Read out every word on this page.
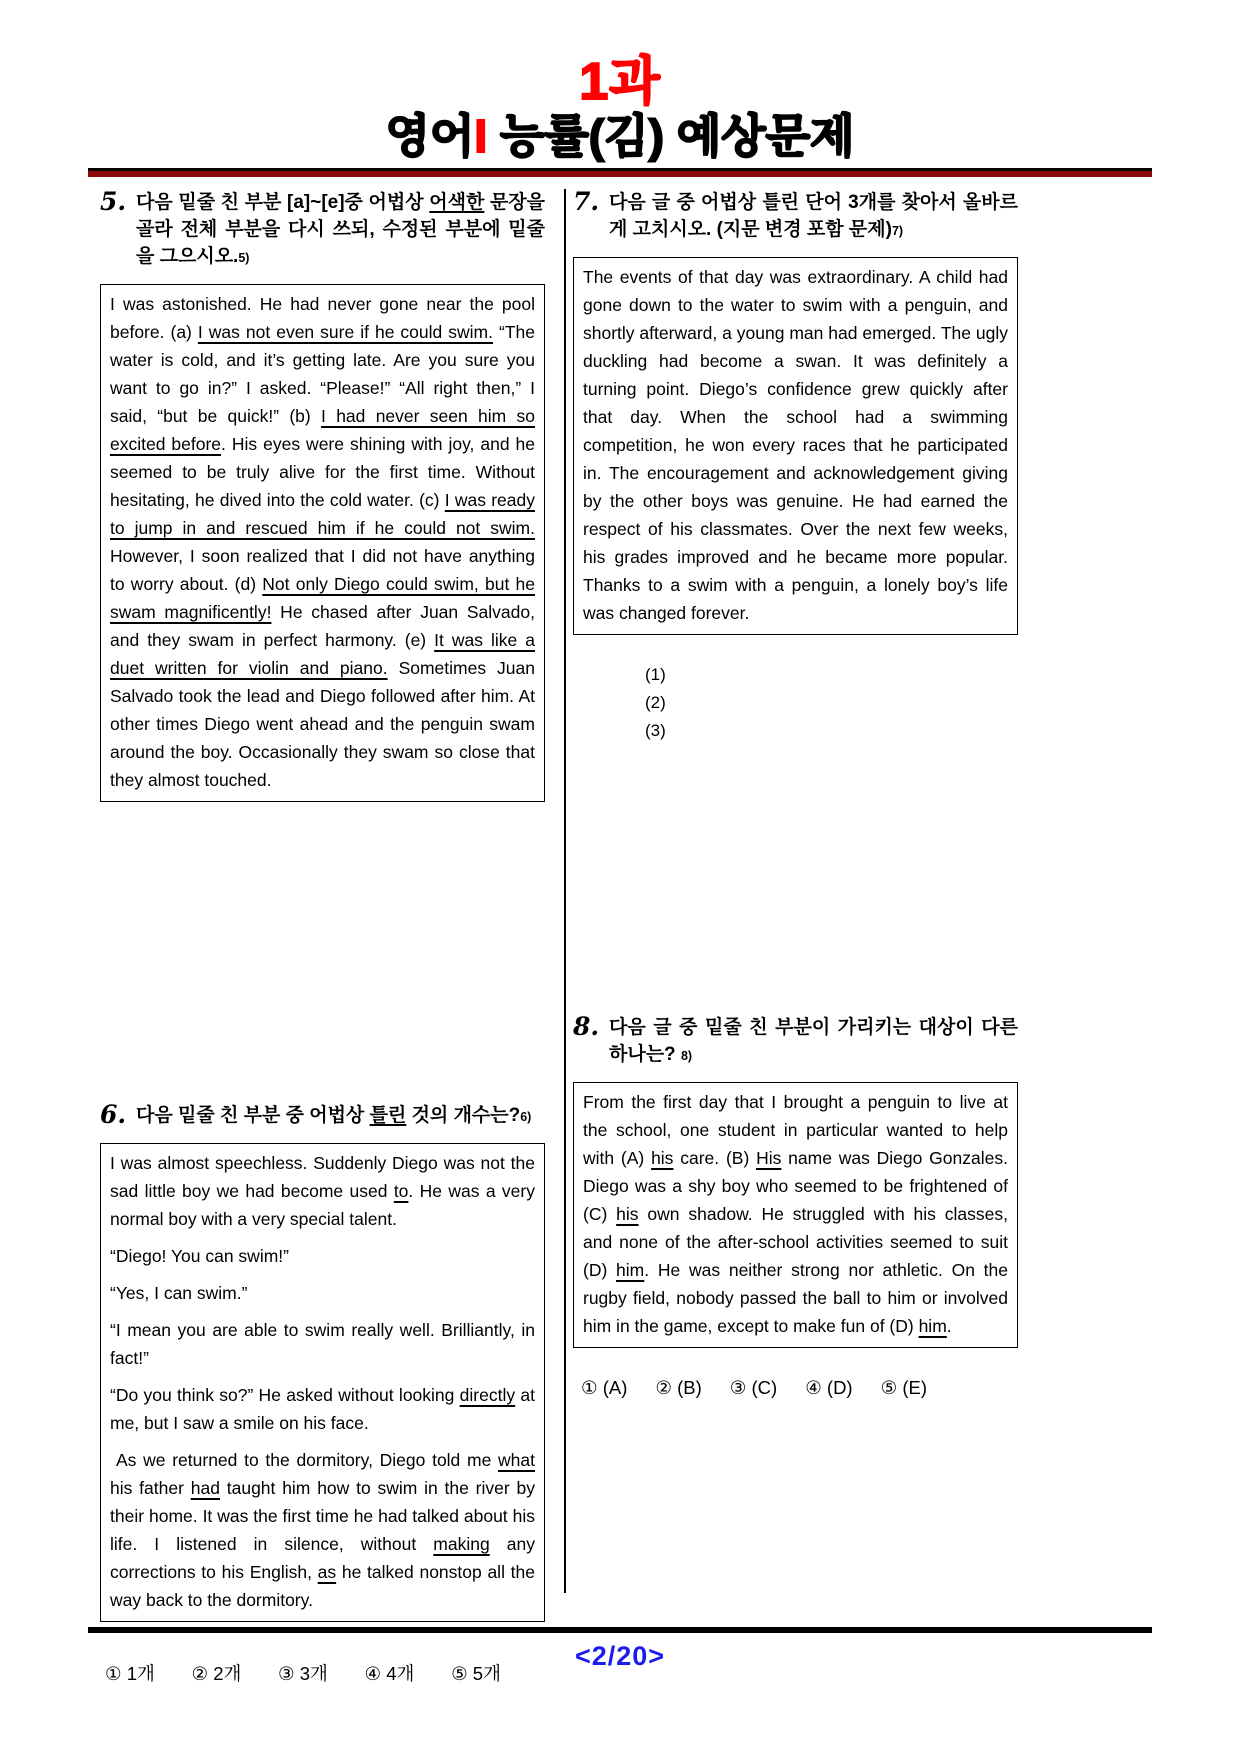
1과
영어I 능률(김) 예상문제
5. 다음 밑줄 친 부분 [a]~[e]중 어법상 어색한 문장을 골라 전체 부분을 다시 쓰되, 수정된 부분에 밑줄을 그으시오.5)

I was astonished. He had never gone near the pool before. (a) I was not even sure if he could swim. “The water is cold, and it’s getting late. Are you sure you want to go in?” I asked. “Please!” “All right then,” I said, “but be quick!” (b) I had never seen him so excited before. His eyes were shining with joy, and he seemed to be truly alive for the first time. Without hesitating, he dived into the cold water. (c) I was ready to jump in and rescued him if he could not swim. However, I soon realized that I did not have anything to worry about. (d) Not only Diego could swim, but he swam magnificently! He chased after Juan Salvado, and they swam in perfect harmony. (e) It was like a duet written for violin and piano. Sometimes Juan Salvado took the lead and Diego followed after him. At other times Diego went ahead and the penguin swam around the boy. Occasionally they swam so close that they almost touched.

6. 다음 밑줄 친 부분 중 어법상 틀린 것의 개수는?6)

I was almost speechless. Suddenly Diego was not the sad little boy we had become used to. He was a very normal boy with a very special talent.

“Diego! You can swim!”

“Yes, I can swim.”

“I mean you are able to swim really well. Brilliantly, in fact!”

“Do you think so?” He asked without looking directly at me, but I saw a smile on his face.

As we returned to the dormitory, Diego told me what his father had taught him how to swim in the river by their home. It was the first time he had talked about his life. I listened in silence, without making any corrections to his English, as he talked nonstop all the way back to the dormitory.

① 1개 ② 2개 ③ 3개 ④ 4개 ⑤ 5개
7. 다음 글 중 어법상 틀린 단어 3개를 찾아서 올바르게 고치시오. (지문 변경 포함 문제)7)

The events of that day was extraordinary. A child had gone down to the water to swim with a penguin, and shortly afterward, a young man had emerged. The ugly duckling had become a swan. It was definitely a turning point. Diego’s confidence grew quickly after that day. When the school had a swimming competition, he won every races that he participated in. The encouragement and acknowledgement giving by the other boys was genuine. He had earned the respect of his classmates. Over the next few weeks, his grades improved and he became more popular. Thanks to a swim with a penguin, a lonely boy’s life was changed forever.

(1)
(2)
(3)
8. 다음 글 중 밑줄 친 부분이 가리키는 대상이 다른 하나는? 8)

From the first day that I brought a penguin to live at the school, one student in particular wanted to help with (A) his care. (B) His name was Diego Gonzales. Diego was a shy boy who seemed to be frightened of (C) his own shadow. He struggled with his classes, and none of the after-school activities seemed to suit (D) him. He was neither strong nor athletic. On the rugby field, nobody passed the ball to him or involved him in the game, except to make fun of (D) him.

① (A) ② (B) ③ (C) ④ (D) ⑤ (E)
<2/20>
